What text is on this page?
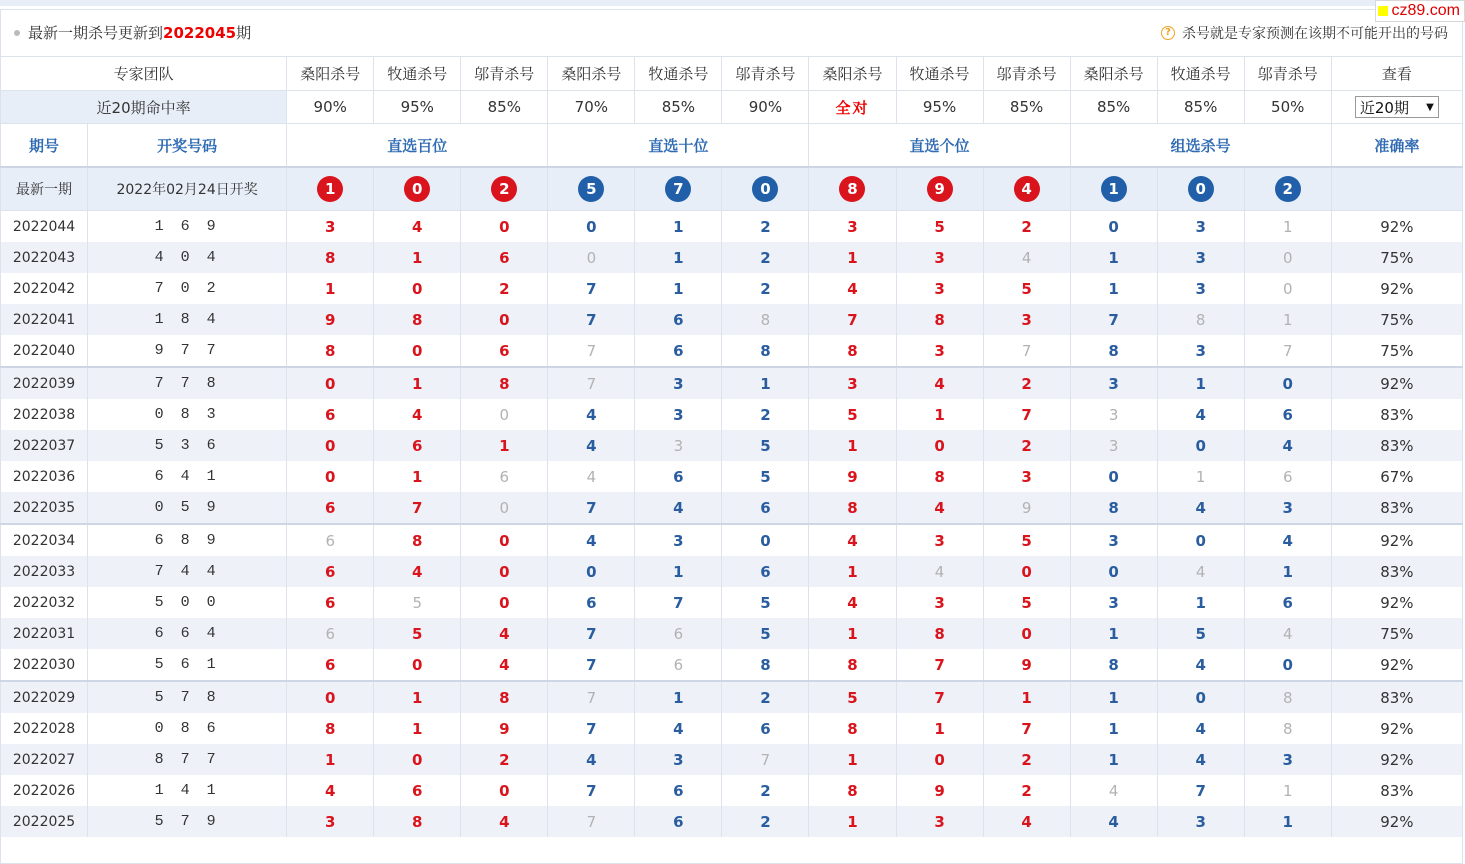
cz89.com
最新一期杀号更新到 2022045 期	? 杀号就是专家预测在该期不可能开出的号码
专家团队		桑阳杀号	牧通杀号	邬青杀号	桑阳杀号	牧通杀号	邬青杀号	桑阳杀号	牧通杀号	邬青杀号	桑阳杀号	牧通杀号	邬青杀号	查看
近20期命中率		90%	95%	85%	70%	85%	90%	全对	95%	85%	85%	85%	50%	近20期 ▼

期号	开奖号码	直选百位			直选十位			直选个位			组选杀号			准确率
最新一期	2022年02月24日开奖	1	0	2	5	7	0	8	9	4	1	0	2	
2022044	1 6 9	3	4	0	0	1	2	3	5	2	0	3	1	92%
2022043	4 0 4	8	1	6	0	1	2	1	3	4	1	3	0	75%
2022042	7 0 2	1	0	2	7	1	2	4	3	5	1	3	0	92%
2022041	1 8 4	9	8	0	7	6	8	7	8	3	7	8	1	75%
2022040	9 7 7	8	0	6	7	6	8	8	3	7	8	3	7	75%
2022039	7 7 8	0	1	8	7	3	1	3	4	2	3	1	0	92%
2022038	0 8 3	6	4	0	4	3	2	5	1	7	3	4	6	83%
2022037	5 3 6	0	6	1	4	3	5	1	0	2	3	0	4	83%
2022036	6 4 1	0	1	6	4	6	5	9	8	3	0	1	6	67%
2022035	0 5 9	6	7	0	7	4	6	8	4	9	8	4	3	83%
2022034	6 8 9	6	8	0	4	3	0	4	3	5	3	0	4	92%
2022033	7 4 4	6	4	0	0	1	6	1	4	0	0	4	1	83%
2022032	5 0 0	6	5	0	6	7	5	4	3	5	3	1	6	92%
2022031	6 6 4	6	5	4	7	6	5	1	8	0	1	5	4	75%
2022030	5 6 1	6	0	4	7	6	8	8	7	9	8	4	0	92%
2022029	5 7 8	0	1	8	7	1	2	5	7	1	1	0	8	83%
2022028	0 8 6	8	1	9	7	4	6	8	1	7	1	4	8	92%
2022027	8 7 7	1	0	2	4	3	7	1	0	2	1	4	3	92%
2022026	1 4 1	4	6	0	7	6	2	8	9	2	4	7	1	83%
2022025	5 7 9	3	8	4	7	6	2	1	3	4	4	3	1	92%
